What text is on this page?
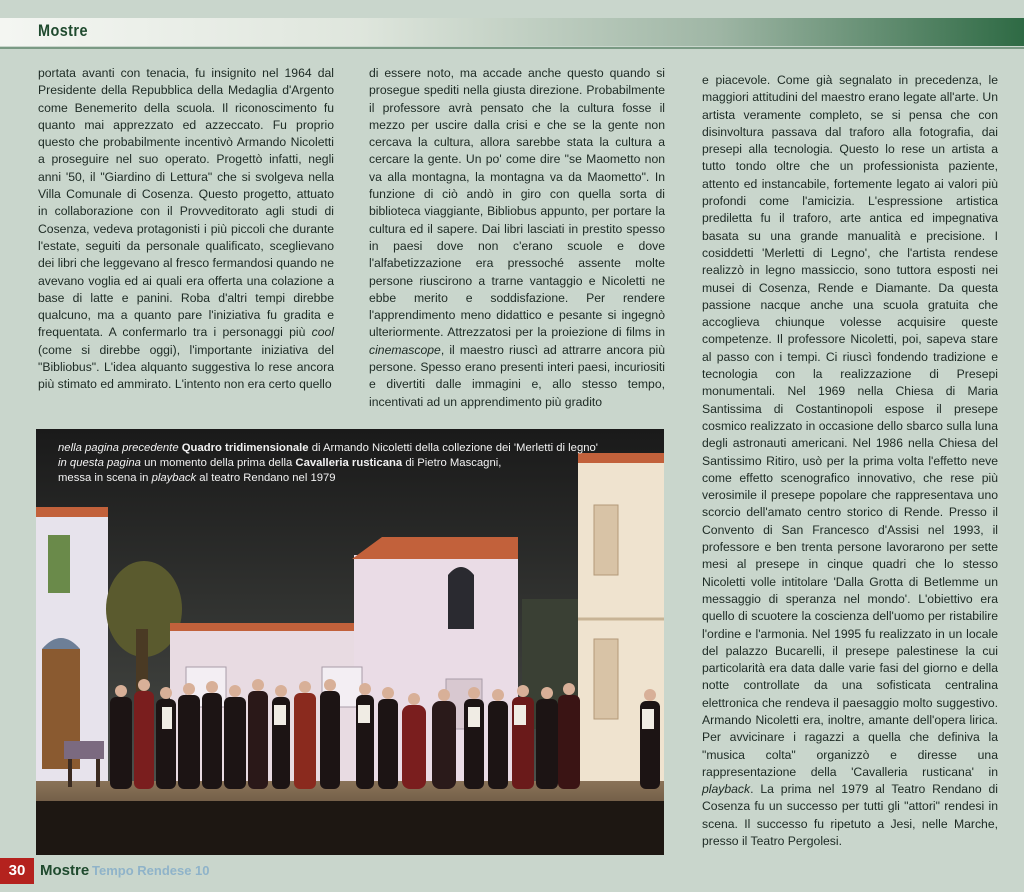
Mostre

portata avanti con tenacia, fu insignito nel 1964 dal Presidente della Repubblica della Medaglia d'Argento come Benemerito della scuola. Il riconoscimento fu quanto mai apprezzato ed azzeccato. Fu proprio questo che probabilmente incentivò Armando Nicoletti a proseguire nel suo operato. Progettò infatti, negli anni '50, il "Giardino di Lettura" che si svolgeva nella Villa Comunale di Cosenza. Questo progetto, attuato in collaborazione con il Provveditorato agli studi di Cosenza, vedeva protagonisti i più piccoli che durante l'estate, seguiti da personale qualificato, sceglievano dei libri che leggevano al fresco fermandosi quando ne avevano voglia ed ai quali era offerta una colazione a base di latte e panini. Roba d'altri tempi direbbe qualcuno, ma a quanto pare l'iniziativa fu gradita e frequentata. A confermarlo tra i personaggi più cool (come si direbbe oggi), l'importante iniziativa del "Bibliobus". L'idea alquanto suggestiva lo rese ancora più stimato ed ammirato. L'intento non era certo quello

di essere noto, ma accade anche questo quando si prosegue spediti nella giusta direzione. Probabilmente il professore avrà pensato che la cultura fosse il mezzo per uscire dalla crisi e che se la gente non cercava la cultura, allora sarebbe stata la cultura a cercare la gente. Un po' come dire "se Maometto non va alla montagna, la montagna va da Maometto". In funzione di ciò andò in giro con quella sorta di biblioteca viaggiante, Bibliobus appunto, per portare la cultura ed il sapere. Dai libri lasciati in prestito spesso in paesi dove non c'erano scuole e dove l'alfabetizzazione era pressoché assente molte persone riuscirono a trarne vantaggio e Nicoletti ne ebbe merito e soddisfazione. Per rendere l'apprendimento meno didattico e pesante si ingegnò ulteriormente. Attrezzatosi per la proiezione di films in cinemascope, il maestro riuscì ad attrarre ancora più persone. Spesso erano presenti interi paesi, incuriositi e divertiti dalle immagini e, allo stesso tempo, incentivati ad un apprendimento più gradito

e piacevole. Come già segnalato in precedenza, le maggiori attitudini del maestro erano legate all'arte. Un artista veramente completo, se si pensa che con disinvoltura passava dal traforo alla fotografia, dai presepi alla tecnologia. Questo lo rese un artista a tutto tondo oltre che un professionista paziente, attento ed instancabile, fortemente legato ai valori più profondi come l'amicizia. L'espressione artistica prediletta fu il traforo, arte antica ed impegnativa basata su una grande manualità e precisione. I cosiddetti 'Merletti di Legno', che l'artista rendese realizzò in legno massiccio, sono tuttora esposti nei musei di Cosenza, Rende e Diamante. Da questa passione nacque anche una scuola gratuita che accoglieva chiunque volesse acquisire queste competenze. Il professore Nicoletti, poi, sapeva stare al passo con i tempi. Ci riuscì fondendo tradizione e tecnologia con la realizzazione di Presepi monumentali. Nel 1969 nella Chiesa di Maria Santissima di Costantinopoli espose il presepe cosmico realizzato in occasione dello sbarco sulla luna degli astronauti americani. Nel 1986 nella Chiesa del Santissimo Ritiro, usò per la prima volta l'effetto neve come effetto scenografico innovativo, che rese più verosimile il presepe popolare che rappresentava uno scorcio dell'amato centro storico di Rende. Presso il Convento di San Francesco d'Assisi nel 1993, il professore e ben trenta persone lavorarono per sette mesi al presepe in cinque quadri che lo stesso Nicoletti volle intitolare 'Dalla Grotta di Betlemme un messaggio di speranza nel mondo'. L'obiettivo era quello di scuotere la coscienza dell'uomo per ristabilire l'ordine e l'armonia. Nel 1995 fu realizzato in un locale del palazzo Bucarelli, il presepe palestinese la cui particolarità era data dalle varie fasi del giorno e della notte controllate da una sofisticata centralina elettronica che rendeva il paesaggio molto suggestivo. Armando Nicoletti era, inoltre, amante dell'opera lirica. Per avvicinare i ragazzi a quella che definiva la "musica colta" organizzò e diresse una rappresentazione della 'Cavalleria rusticana' in playback. La prima nel 1979 al Teatro Rendano di Cosenza fu un successo per tutti gli "attori" rendesi in scena. Il successo fu ripetuto a Jesi, nelle Marche, presso il Teatro Pergolesi.

nella pagina precedente Quadro tridimensionale di Armando Nicoletti della collezione dei 'Merletti di legno'
in questa pagina un momento della prima della Cavalleria rusticana di Pietro Mascagni,
messa in scena in playback al teatro Rendano nel 1979
30 Mostre Tempo Rendese 10
